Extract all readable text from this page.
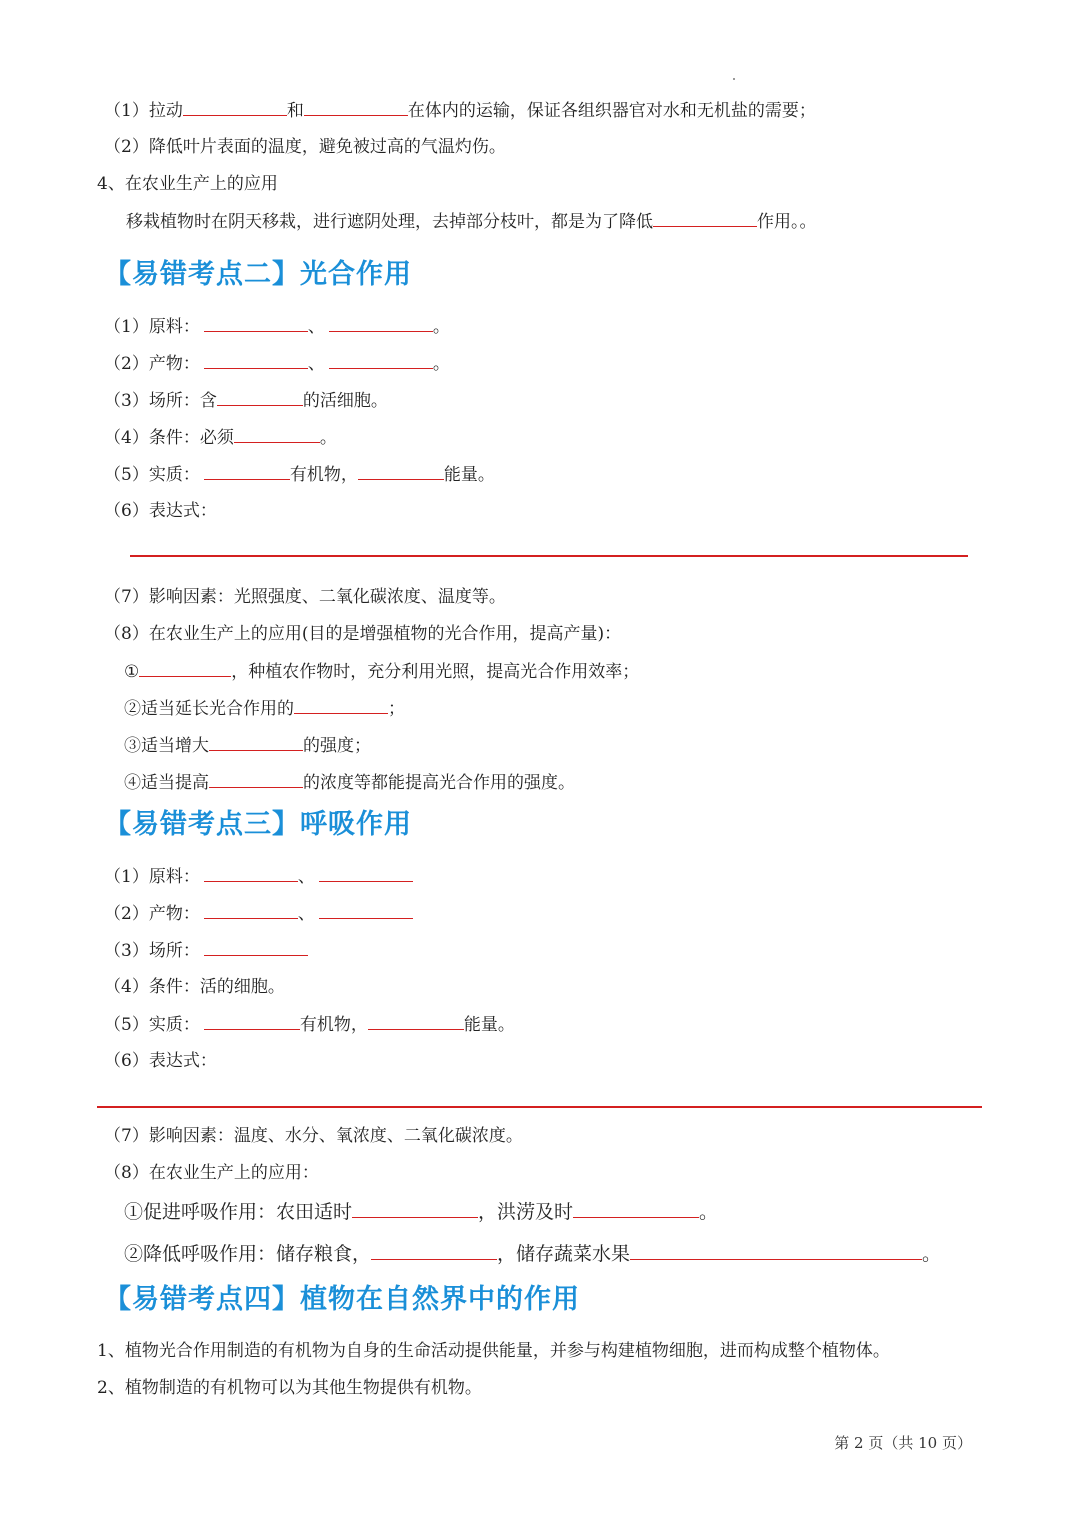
（1）拉动	和	在体内的运输，保证各组织器官对水和无机盐的需要；
（2）降低叶片表面的温度，避免被过高的气温灼伤。
4、在农业生产上的应用
移栽植物时在阴天移栽，进行遮阴处理，去掉部分枝叶，都是为了降低	作用。。
【易错考点二】光合作用
（1）原料：	、	。
（2）产物：	、	。
（3）场所：含	的活细胞。
（4）条件：必须	。
（5）实质：	有机物，	能量。
（6）表达式：
（7）影响因素：光照强度、二氧化碳浓度、温度等。
（8）在农业生产上的应用(目的是增强植物的光合作用，提高产量)：
①	，种植农作物时，充分利用光照，提高光合作用效率；
②适当延长光合作用的	；
③适当增大	的强度；
④适当提高	的浓度等都能提高光合作用的强度。
【易错考点三】呼吸作用
（1）原料：	、
（2）产物：	、
（3）场所：
（4）条件：活的细胞。
（5）实质：	有机物，	能量。
（6）表达式：
（7）影响因素：温度、水分、氧浓度、二氧化碳浓度。
（8）在农业生产上的应用：
①促进呼吸作用：农田适时	，洪涝及时	。
②降低呼吸作用：储存粮食，	，储存蔬菜水果	。
【易错考点四】植物在自然界中的作用
1、植物光合作用制造的有机物为自身的生命活动提供能量，并参与构建植物细胞，进而构成整个植物体。
2、植物制造的有机物可以为其他生物提供有机物。
第 2 页（共 10 页）
